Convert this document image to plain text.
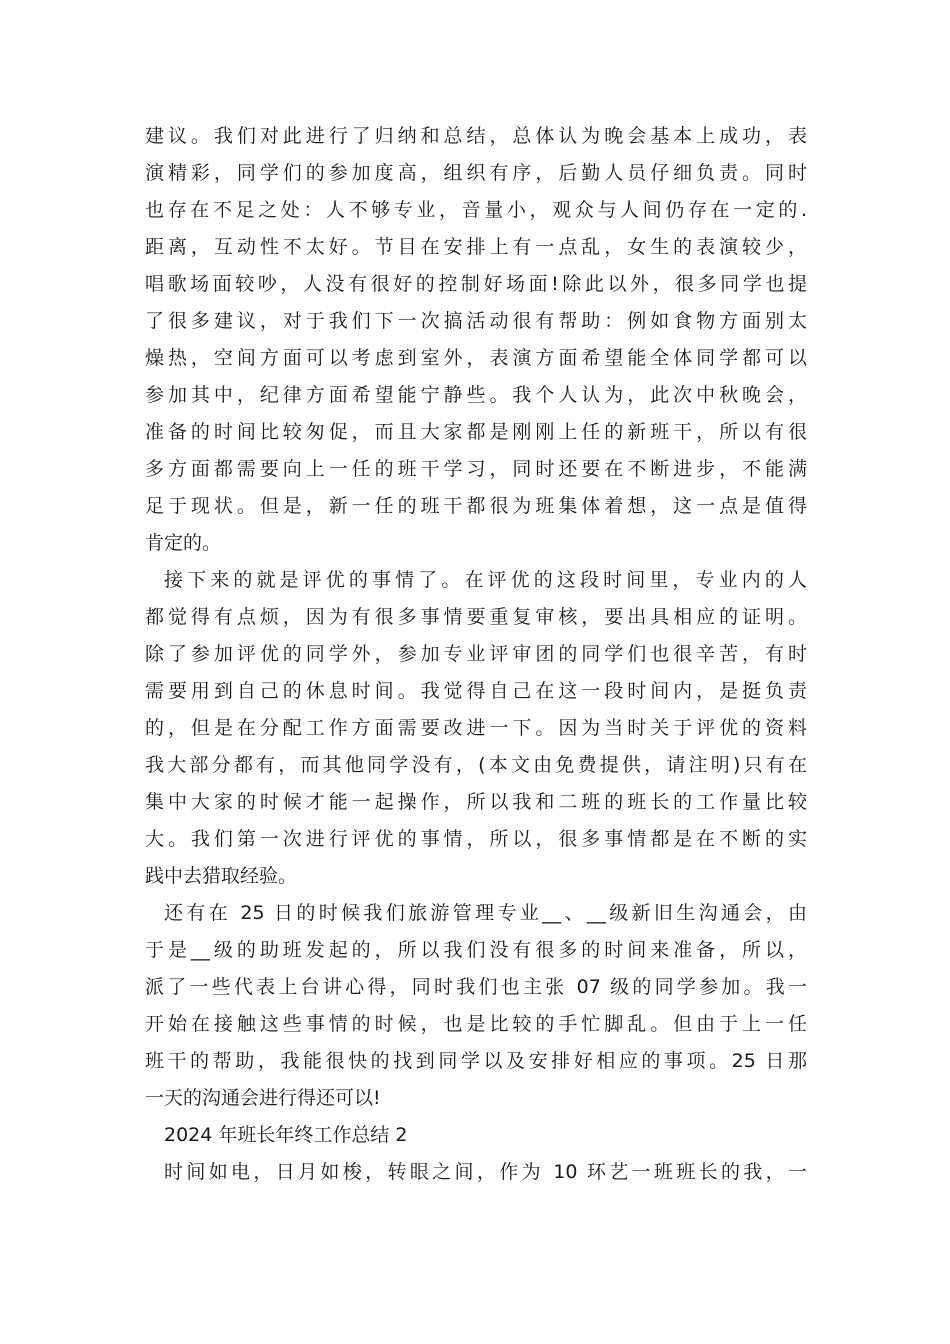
建议。我们对此进行了归纳和总结，总体认为晚会基本上成功，表
演精彩，同学们的参加度高，组织有序，后勤人员仔细负责。同时
也存在不足之处：人不够专业，音量小，观众与人间仍存在一定的.
距离，互动性不太好。节目在安排上有一点乱，女生的表演较少，
唱歌场面较吵，人没有很好的控制好场面!除此以外，很多同学也提
了很多建议，对于我们下一次搞活动很有帮助：例如食物方面别太
燥热，空间方面可以考虑到室外，表演方面希望能全体同学都可以
参加其中，纪律方面希望能宁静些。我个人认为，此次中秋晚会，
准备的时间比较匆促，而且大家都是刚刚上任的新班干，所以有很
多方面都需要向上一任的班干学习，同时还要在不断进步，不能满
足于现状。但是，新一任的班干都很为班集体着想，这一点是值得
肯定的。
接下来的就是评优的事情了。在评优的这段时间里，专业内的人
都觉得有点烦，因为有很多事情要重复审核，要出具相应的证明。
除了参加评优的同学外，参加专业评审团的同学们也很辛苦，有时
需要用到自己的休息时间。我觉得自己在这一段时间内，是挺负责
的，但是在分配工作方面需要改进一下。因为当时关于评优的资料
我大部分都有，而其他同学没有，(本文由免费提供，请注明)只有在
集中大家的时候才能一起操作，所以我和二班的班长的工作量比较
大。我们第一次进行评优的事情，所以，很多事情都是在不断的实
践中去猎取经验。
还有在 25 日的时候我们旅游管理专业__、__级新旧生沟通会，由
于是__级的助班发起的，所以我们没有很多的时间来准备，所以，
派了一些代表上台讲心得，同时我们也主张 07 级的同学参加。我一
开始在接触这些事情的时候，也是比较的手忙脚乱。但由于上一任
班干的帮助，我能很快的找到同学以及安排好相应的事项。25 日那
一天的沟通会进行得还可以!
2024 年班长年终工作总结 2
时间如电，日月如梭，转眼之间，作为 10 环艺一班班长的我，一
